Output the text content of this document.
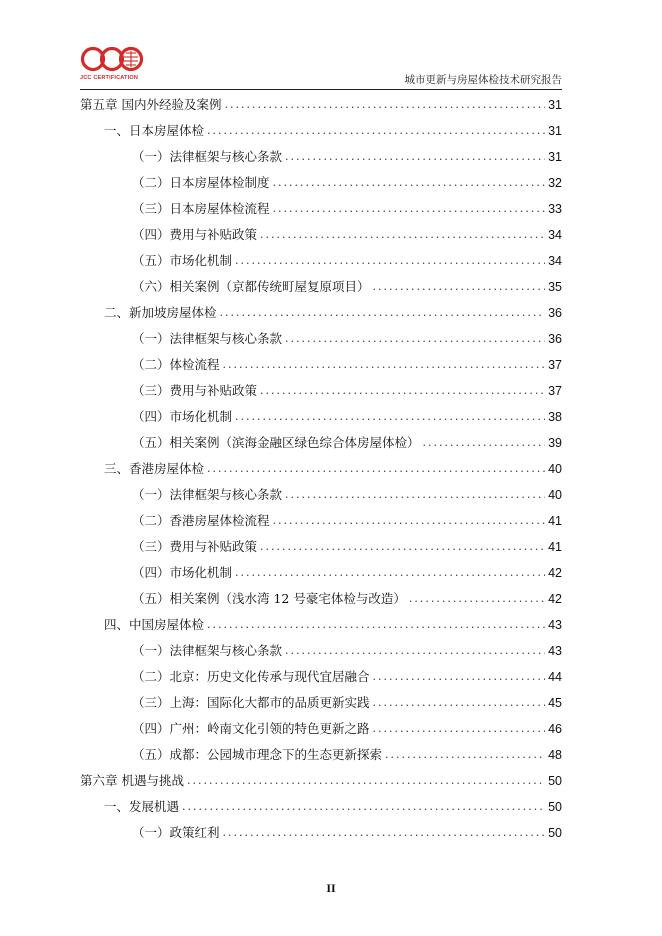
JCC CERTIFICATION	城市更新与房屋体检技术研究报告
第五章 国内外经验及案例 .....	31
一、日本房屋体检 .....	31
（一）法律框架与核心条款 .....	31
（二）日本房屋体检制度 .....	32
（三）日本房屋体检流程 .....	33
（四）费用与补贴政策 .....	34
（五）市场化机制 .....	34
（六）相关案例（京都传统町屋复原项目） .....	35
二、新加坡房屋体检 .....	36
（一）法律框架与核心条款 .....	36
（二）体检流程 .....	37
（三）费用与补贴政策 .....	37
（四）市场化机制 .....	38
（五）相关案例（滨海金融区绿色综合体房屋体检） .....	39
三、香港房屋体检 .....	40
（一）法律框架与核心条款 .....	40
（二）香港房屋体检流程 .....	41
（三）费用与补贴政策 .....	41
（四）市场化机制 .....	42
（五）相关案例（浅水湾 12 号豪宅体检与改造） .....	42
四、中国房屋体检 .....	43
（一）法律框架与核心条款 .....	43
（二）北京：历史文化传承与现代宜居融合 .....	44
（三）上海：国际化大都市的品质更新实践 .....	45
（四）广州：岭南文化引领的特色更新之路 .....	46
（五）成都：公园城市理念下的生态更新探索 .....	48
第六章 机遇与挑战 .....	50
一、发展机遇 .....	50
（一）政策红利 .....	50
II
